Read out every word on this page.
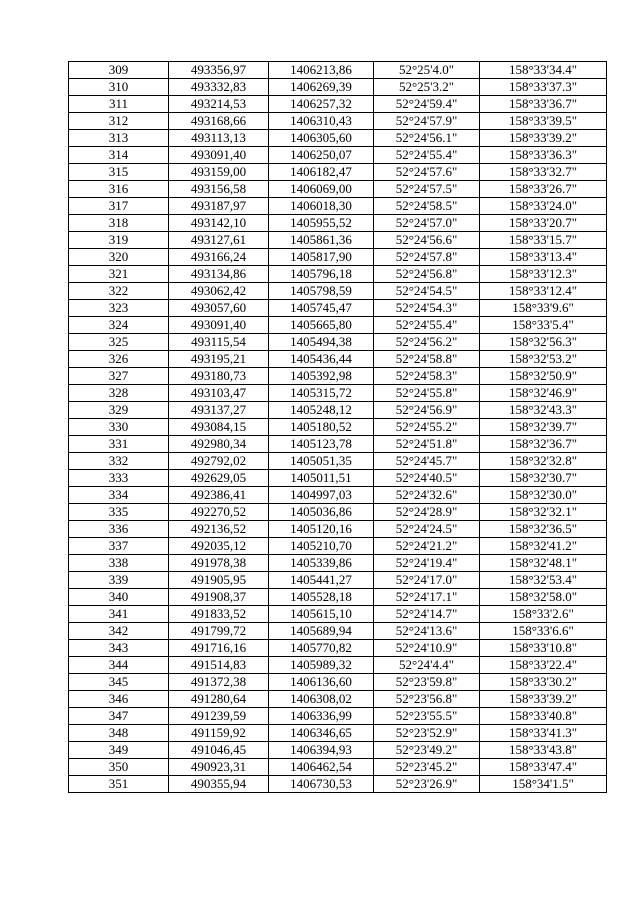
309	493356,97	1406213,86	52°25'4.0"	158°33'34.4"
310	493332,83	1406269,39	52°25'3.2"	158°33'37.3"
311	493214,53	1406257,32	52°24'59.4"	158°33'36.7"
312	493168,66	1406310,43	52°24'57.9"	158°33'39.5"
313	493113,13	1406305,60	52°24'56.1"	158°33'39.2"
314	493091,40	1406250,07	52°24'55.4"	158°33'36.3"
315	493159,00	1406182,47	52°24'57.6"	158°33'32.7"
316	493156,58	1406069,00	52°24'57.5"	158°33'26.7"
317	493187,97	1406018,30	52°24'58.5"	158°33'24.0"
318	493142,10	1405955,52	52°24'57.0"	158°33'20.7"
319	493127,61	1405861,36	52°24'56.6"	158°33'15.7"
320	493166,24	1405817,90	52°24'57.8"	158°33'13.4"
321	493134,86	1405796,18	52°24'56.8"	158°33'12.3"
322	493062,42	1405798,59	52°24'54.5"	158°33'12.4"
323	493057,60	1405745,47	52°24'54.3"	158°33'9.6"
324	493091,40	1405665,80	52°24'55.4"	158°33'5.4"
325	493115,54	1405494,38	52°24'56.2"	158°32'56.3"
326	493195,21	1405436,44	52°24'58.8"	158°32'53.2"
327	493180,73	1405392,98	52°24'58.3"	158°32'50.9"
328	493103,47	1405315,72	52°24'55.8"	158°32'46.9"
329	493137,27	1405248,12	52°24'56.9"	158°32'43.3"
330	493084,15	1405180,52	52°24'55.2"	158°32'39.7"
331	492980,34	1405123,78	52°24'51.8"	158°32'36.7"
332	492792,02	1405051,35	52°24'45.7"	158°32'32.8"
333	492629,05	1405011,51	52°24'40.5"	158°32'30.7"
334	492386,41	1404997,03	52°24'32.6"	158°32'30.0"
335	492270,52	1405036,86	52°24'28.9"	158°32'32.1"
336	492136,52	1405120,16	52°24'24.5"	158°32'36.5"
337	492035,12	1405210,70	52°24'21.2"	158°32'41.2"
338	491978,38	1405339,86	52°24'19.4"	158°32'48.1"
339	491905,95	1405441,27	52°24'17.0"	158°32'53.4"
340	491908,37	1405528,18	52°24'17.1"	158°32'58.0"
341	491833,52	1405615,10	52°24'14.7"	158°33'2.6"
342	491799,72	1405689,94	52°24'13.6"	158°33'6.6"
343	491716,16	1405770,82	52°24'10.9"	158°33'10.8"
344	491514,83	1405989,32	52°24'4.4"	158°33'22.4"
345	491372,38	1406136,60	52°23'59.8"	158°33'30.2"
346	491280,64	1406308,02	52°23'56.8"	158°33'39.2"
347	491239,59	1406336,99	52°23'55.5"	158°33'40.8"
348	491159,92	1406346,65	52°23'52.9"	158°33'41.3"
349	491046,45	1406394,93	52°23'49.2"	158°33'43.8"
350	490923,31	1406462,54	52°23'45.2"	158°33'47.4"
351	490355,94	1406730,53	52°23'26.9"	158°34'1.5"
